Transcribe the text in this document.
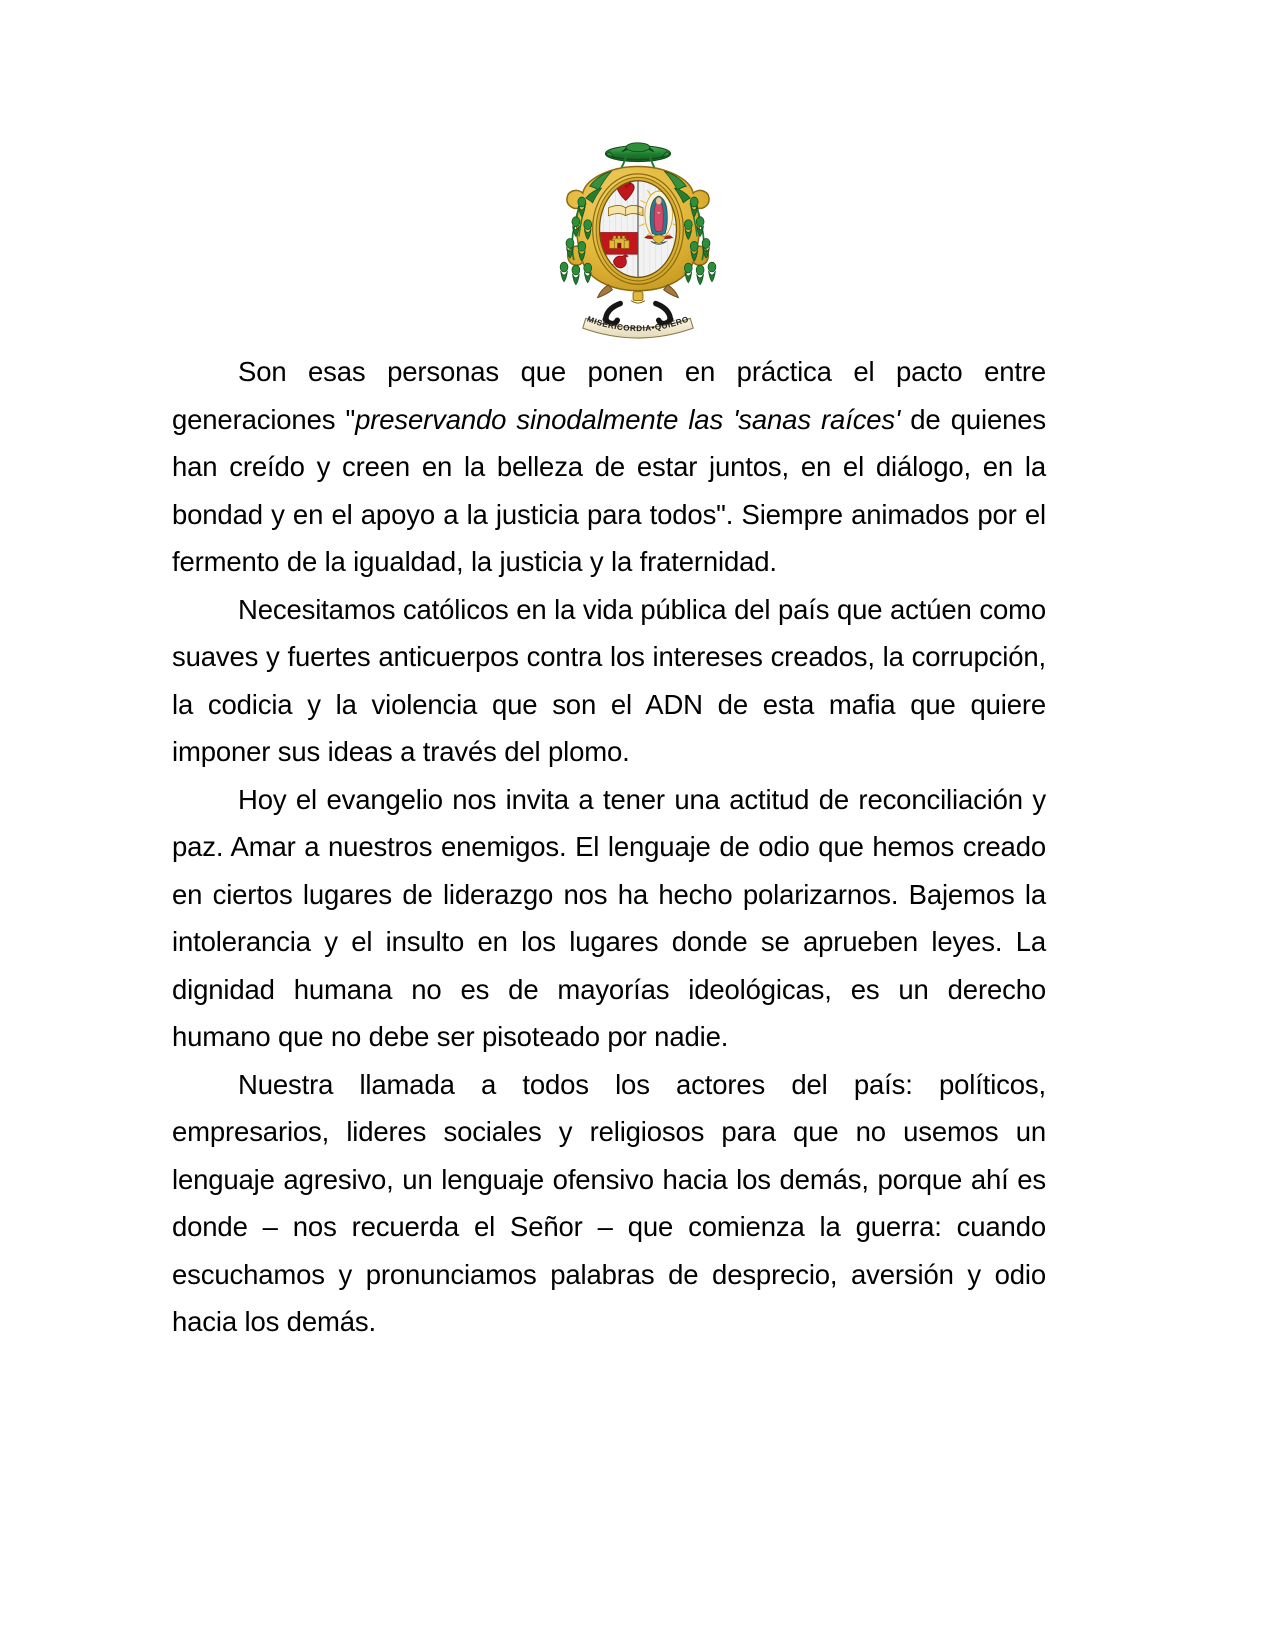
MISERICORDIA•QUIERO

Son esas personas que ponen en práctica el pacto entre generaciones "preservando sinodalmente las 'sanas raíces' de quienes han creído y creen en la belleza de estar juntos, en el diálogo, en la bondad y en el apoyo a la justicia para todos". Siempre animados por el fermento de la igualdad, la justicia y la fraternidad.

Necesitamos católicos en la vida pública del país que actúen como suaves y fuertes anticuerpos contra los intereses creados, la corrupción, la codicia y la violencia que son el ADN de esta mafia que quiere imponer sus ideas a través del plomo.

Hoy el evangelio nos invita a tener una actitud de reconciliación y paz. Amar a nuestros enemigos. El lenguaje de odio que hemos creado en ciertos lugares de liderazgo nos ha hecho polarizarnos. Bajemos la intolerancia y el insulto en los lugares donde se aprueben leyes. La dignidad humana no es de mayorías ideológicas, es un derecho humano que no debe ser pisoteado por nadie.

Nuestra llamada a todos los actores del país: políticos, empresarios, lideres sociales y religiosos para que no usemos un lenguaje agresivo, un lenguaje ofensivo hacia los demás, porque ahí es donde – nos recuerda el Señor – que comienza la guerra: cuando escuchamos y pronunciamos palabras de desprecio, aversión y odio hacia los demás.
